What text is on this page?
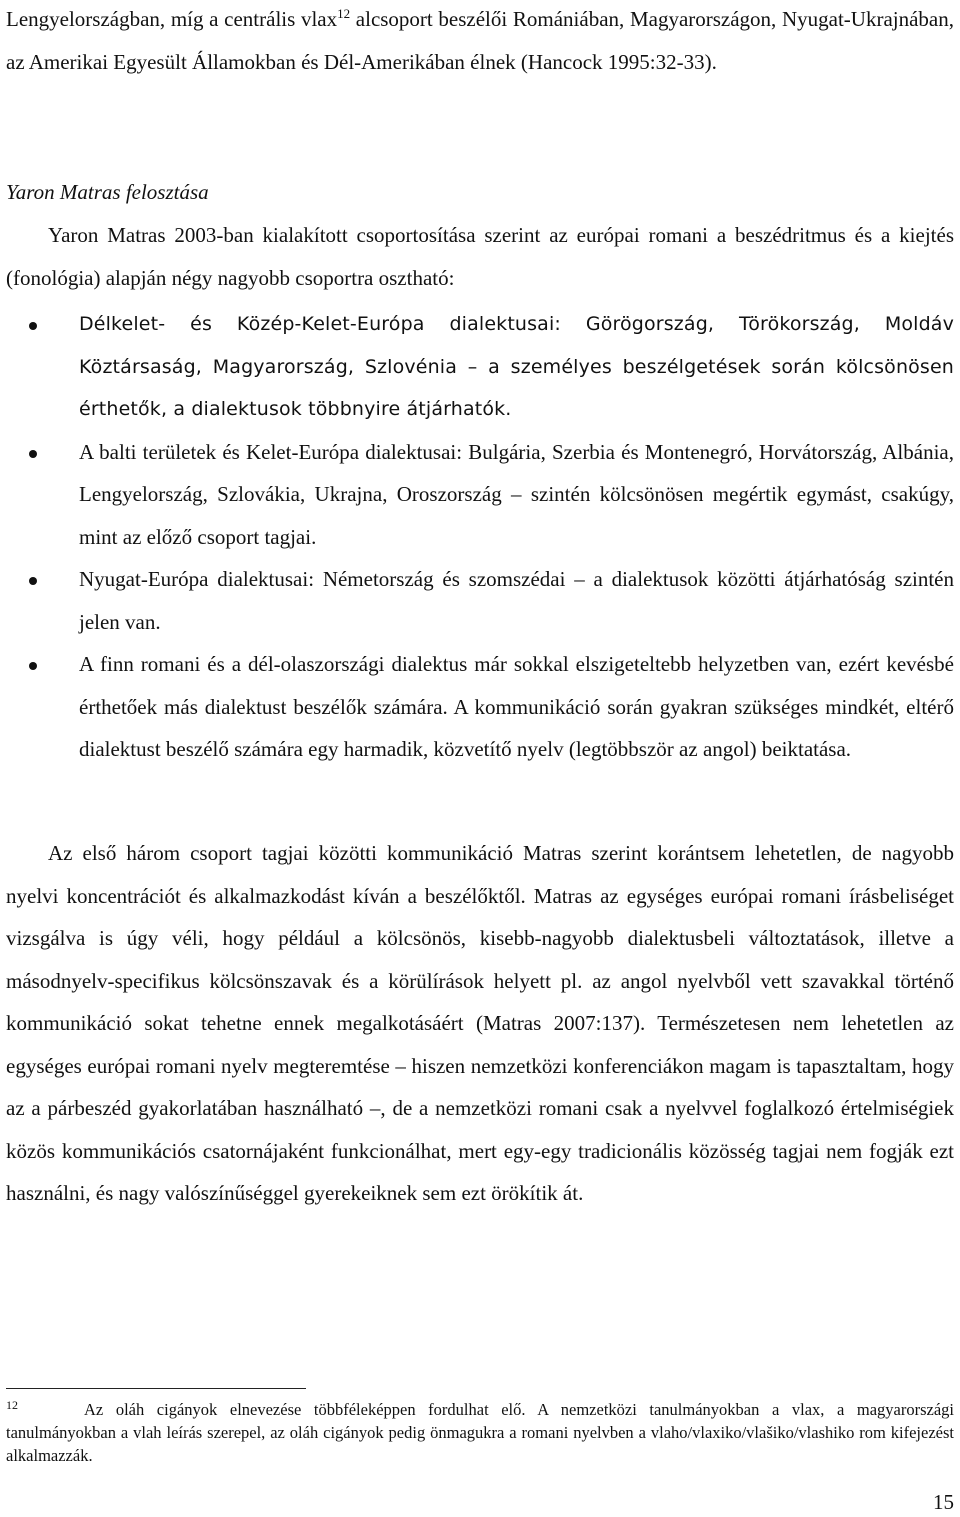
Lengyelországban, míg a centrális vlax$^{12}$ alcsoport beszélői Romániában, Magyarországon, Nyugat-Ukrajnában, az Amerikai Egyesült Államokban és Dél-Amerikában élnek (Hancock 1995:32-33).
Yaron Matras felosztása
Yaron Matras 2003-ban kialakított csoportosítása szerint az európai romani a beszédritmus és a kiejtés (fonológia) alapján négy nagyobb csoportra osztható:
Délkelet- és Közép-Kelet-Európa dialektusai: Görögország, Törökország, Moldáv Köztársaság, Magyarország, Szlovénia – a személyes beszélgetések során kölcsönösen érthetők, a dialektusok többnyire átjárhatók.
A balti területek és Kelet-Európa dialektusai: Bulgária, Szerbia és Montenegró, Horvátország, Albánia, Lengyelország, Szlovákia, Ukrajna, Oroszország – szintén kölcsönösen megértik egymást, csakúgy, mint az előző csoport tagjai.
Nyugat-Európa dialektusai: Németország és szomszédai – a dialektusok közötti átjárhatóság szintén jelen van.
A finn romani és a dél-olaszországi dialektus már sokkal elszigeteltebb helyzetben van, ezért kevésbé érthetőek más dialektust beszélők számára. A kommunikáció során gyakran szükséges mindkét, eltérő dialektust beszélő számára egy harmadik, közvetítő nyelv (legtöbbször az angol) beiktatása.
Az első három csoport tagjai közötti kommunikáció Matras szerint korántsem lehetetlen, de nagyobb nyelvi koncentrációt és alkalmazkodást kíván a beszélőktől. Matras az egységes európai romani írásbeliséget vizsgálva is úgy véli, hogy például a kölcsönös, kisebb-nagyobb dialektusbeli változtatások, illetve a másodnyelv-specifikus kölcsönszavak és a körülírások helyett pl. az angol nyelvből vett szavakkal történő kommunikáció sokat tehetne ennek megalkotásáért (Matras 2007:137). Természetesen nem lehetetlen az egységes európai romani nyelv megteremtése – hiszen nemzetközi konferenciákon magam is tapasztaltam, hogy az a párbeszéd gyakorlatában használható –, de a nemzetközi romani csak a nyelvvel foglalkozó értelmiségiek közös kommunikációs csatornájaként funkcionálhat, mert egy-egy tradicionális közösség tagjai nem fogják ezt használni, és nagy valószínűséggel gyerekeiknek sem ezt örökítik át.
$^{12}$	Az oláh cigányok elnevezése többféleképpen fordulhat elő. A nemzetközi tanulmányokban a vlax, a magyarországi tanulmányokban a vlah leírás szerepel, az oláh cigányok pedig önmagukra a romani nyelvben a vlaho/vlaxiko/vlašiko/vlashiko rom kifejezést alkalmazzák.
15
